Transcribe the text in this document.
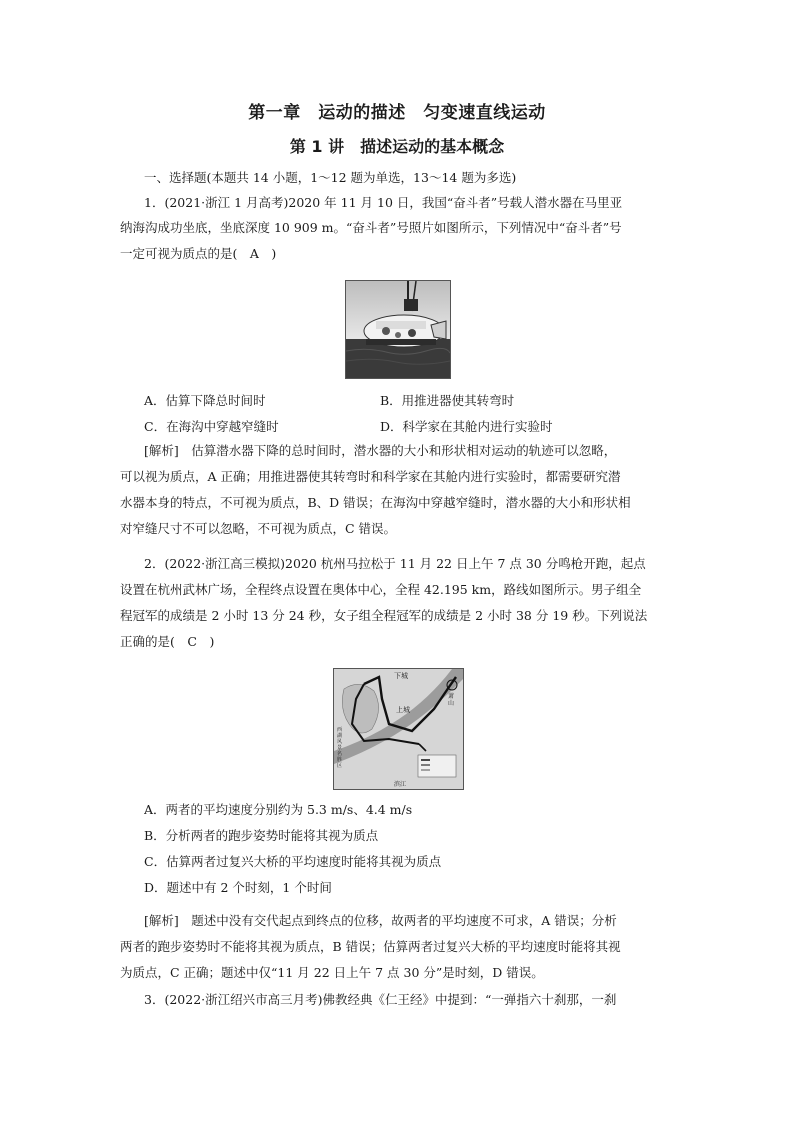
第一章　运动的描述　匀变速直线运动
第 1 讲　描述运动的基本概念
一、选择题(本题共 14 小题，1～12 题为单选，13～14 题为多选)
1．(2021·浙江 1 月高考)2020 年 11 月 10 日，我国“奋斗者”号载人潜水器在马里亚
纳海沟成功坐底，坐底深度 10 909 m。“奋斗者”号照片如图所示，下列情况中“奋斗者”号
一定可视为质点的是(　A　)
A．估算下降总时间时	B．用推进器使其转弯时
C．在海沟中穿越窄缝时	D．科学家在其舱内进行实验时
[解析]　估算潜水器下降的总时间时，潜水器的大小和形状相对运动的轨迹可以忽略，
可以视为质点，A 正确；用推进器使其转弯时和科学家在其舱内进行实验时，都需要研究潜
水器本身的特点，不可视为质点，B、D 错误；在海沟中穿越窄缝时，潜水器的大小和形状相
对窄缝尺寸不可以忽略，不可视为质点，C 错误。
2．(2022·浙江高三模拟)2020 杭州马拉松于 11 月 22 日上午 7 点 30 分鸣枪开跑，起点
设置在杭州武林广场，全程终点设置在奥体中心，全程 42.195 km，路线如图所示。男子组全
程冠军的成绩是 2 小时 13 分 24 秒，女子组全程冠军的成绩是 2 小时 38 分 19 秒。下列说法
正确的是(　C　)
下城
上城
萧山
滨江
西湖风景名胜区
A．两者的平均速度分别约为 5.3 m/s、4.4 m/s
B．分析两者的跑步姿势时能将其视为质点
C．估算两者过复兴大桥的平均速度时能将其视为质点
D．题述中有 2 个时刻，1 个时间
[解析]　题述中没有交代起点到终点的位移，故两者的平均速度不可求，A 错误；分析
两者的跑步姿势时不能将其视为质点，B 错误；估算两者过复兴大桥的平均速度时能将其视
为质点，C 正确；题述中仅“11 月 22 日上午 7 点 30 分”是时刻，D 错误。
3．(2022·浙江绍兴市高三月考)佛教经典《仁王经》中提到：“一弹指六十刹那，一刹
